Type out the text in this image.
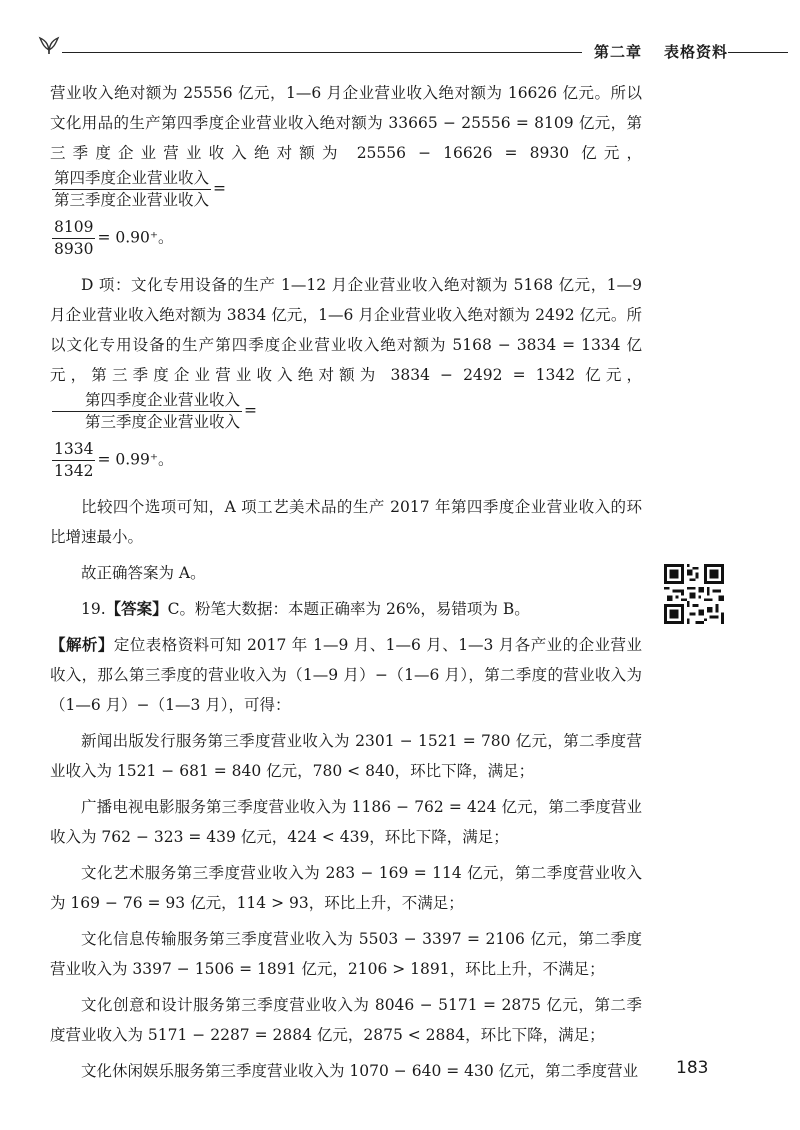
第二章 表格资料

营业收入绝对额为 25556 亿元，1—6 月企业营业收入绝对额为 16626 亿元。所以文化用品的生产第四季度企业营业收入绝对额为 33665 − 25556 = 8109 亿元，第三季度企业营业收入绝对额为 25556 − 16626 = 8930 亿元，
$\frac{\text{第四季度企业营业收入}}{\text{第三季度企业营业收入}}$ =

$\frac{8109}{8930} = 0.90^+$。

D 项：文化专用设备的生产 1—12 月企业营业收入绝对额为 5168 亿元，1—9 月企业营业收入绝对额为 3834 亿元，1—6 月企业营业收入绝对额为 2492 亿元。所以文化专用设备的生产第四季度企业营业收入绝对额为 5168 − 3834 = 1334 亿元，第三季度企业营业收入绝对额为 3834 − 2492 = 1342 亿元，
$\frac{\text{第四季度企业营业收入}}{\text{第三季度企业营业收入}}$ =

$\frac{1334}{1342} = 0.99^+$。

比较四个选项可知，A 项工艺美术品的生产 2017 年第四季度企业营业收入的环比增速最小。

故正确答案为 A。

19.【答案】C。粉笔大数据：本题正确率为 26%，易错项为 B。

【解析】定位表格资料可知 2017 年 1—9 月、1—6 月、1—3 月各产业的企业营业收入，那么第三季度的营业收入为（1—9 月）−（1—6 月），第二季度的营业收入为（1—6 月）−（1—3 月），可得：

新闻出版发行服务第三季度营业收入为 2301 − 1521 = 780 亿元，第二季度营业收入为 1521 − 681 = 840 亿元，780 < 840，环比下降，满足；

广播电视电影服务第三季度营业收入为 1186 − 762 = 424 亿元，第二季度营业收入为 762 − 323 = 439 亿元，424 < 439，环比下降，满足；

文化艺术服务第三季度营业收入为 283 − 169 = 114 亿元，第二季度营业收入为 169 − 76 = 93 亿元，114 > 93，环比上升，不满足；

文化信息传输服务第三季度营业收入为 5503 − 3397 = 2106 亿元，第二季度营业收入为 3397 − 1506 = 1891 亿元，2106 > 1891，环比上升，不满足；

文化创意和设计服务第三季度营业收入为 8046 − 5171 = 2875 亿元，第二季度营业收入为 5171 − 2287 = 2884 亿元，2875 < 2884，环比下降，满足；

文化休闲娱乐服务第三季度营业收入为 1070 − 640 = 430 亿元，第二季度营业 183
